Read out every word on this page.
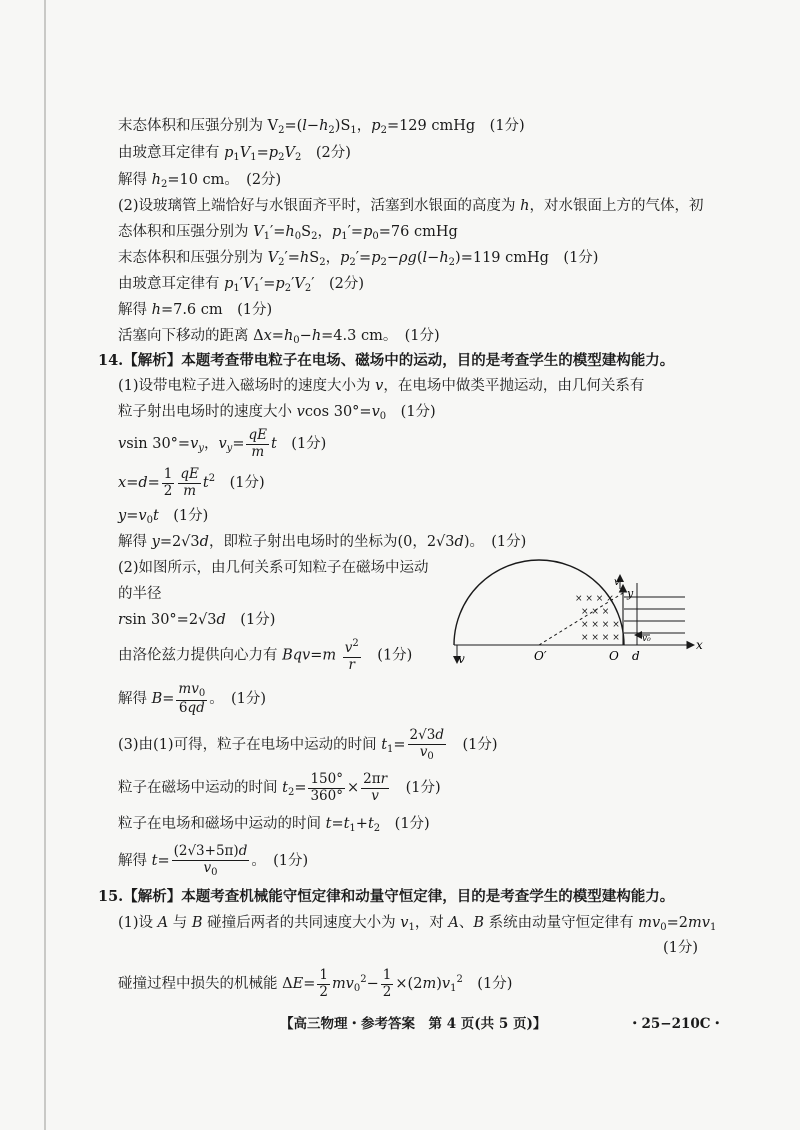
末态体积和压强分别为 $V_2=(l-h_2)S_1$，$p_2=129$ cmHg　(1分)
由玻意耳定律有 $p_1V_1=p_2V_2$　(2分)
解得 $h_2=10$ cm。　(2分)
(2)设玻璃管上端恰好与水银面齐平时，活塞到水银面的高度为 h，对水银面上方的气体，初
态体积和压强分别为 $V_1'=h_0S_2$，$p_1'=p_0=76$ cmHg
末态体积和压强分别为 $V_2'=hS_2$，$p_2'=p_2-\rho g(l-h_2)=119$ cmHg　(1分)
由玻意耳定律有 $p_1'V_1'=p_2'V_2'$　(2分)
解得 h=7.6 cm　(1分)
活塞向下移动的距离 $\Delta x=h_0-h=4.3$ cm。　(1分)
14.【解析】本题考查带电粒子在电场、磁场中的运动，目的是考查学生的模型建构能力。
(1)设带电粒子进入磁场时的速度大小为 v，在电场中做类平抛运动，由几何关系有
粒子射出电场时的速度大小 vcos $30^\circ=v_0$　(1分)
vsin $30^\circ=v_y$，$v_y= \frac{qE}{m}$ t　(1分)
$x=d= \frac{1}{2} \frac{qE}{m} t^2$　(1分)
$y=v_0t$　(1分)
解得 y=2√3d，即粒子射出电场时的坐标为(0，2√3d)。　(1分)
(2)如图所示，由几何关系可知粒子在磁场中运动
的半径
rsin 30°=2√3d　(1分)
由洛伦兹力提供向心力有 $Bqv=m \frac{v^2}{r}$ 　(1分)
解得 $B= \frac{mv_0}{6qd}$ 。　(1分)
(3)由(1)可得，粒子在电场中运动的时间 $t_1= \frac{2√3d}{v_0}$ 　(1分)
粒子在磁场中运动的时间 $t_2= \frac{150^\circ}{360^\circ} \times \frac{2\pi r}{v}$ 　(1分)
粒子在电场和磁场中运动的时间 $t=t_1+t_2$　(1分)
解得 $t= \frac{(2√3+5\pi)d}{v_0}$ 。　(1分)
15.【解析】本题考查机械能守恒定律和动量守恒定律，目的是考查学生的模型建构能力。
(1)设 A 与 B 碰撞后两者的共同速度大小为 $v_1$，对 A、B 系统由动量守恒定律有 $mv_0=2mv_1$
(1分)
碰撞过程中损失的机械能 $\Delta E= \frac{1}{2} mv_0^2- \frac{1}{2} \times(2m)v_1^2$　(1分)
× × × ×
× × ×
× × × ×
× × × ×
v	O′	O d
x
y
v
v₀
【高三物理・参考答案　第 4 页(共 5 页)】	・25−210C・
